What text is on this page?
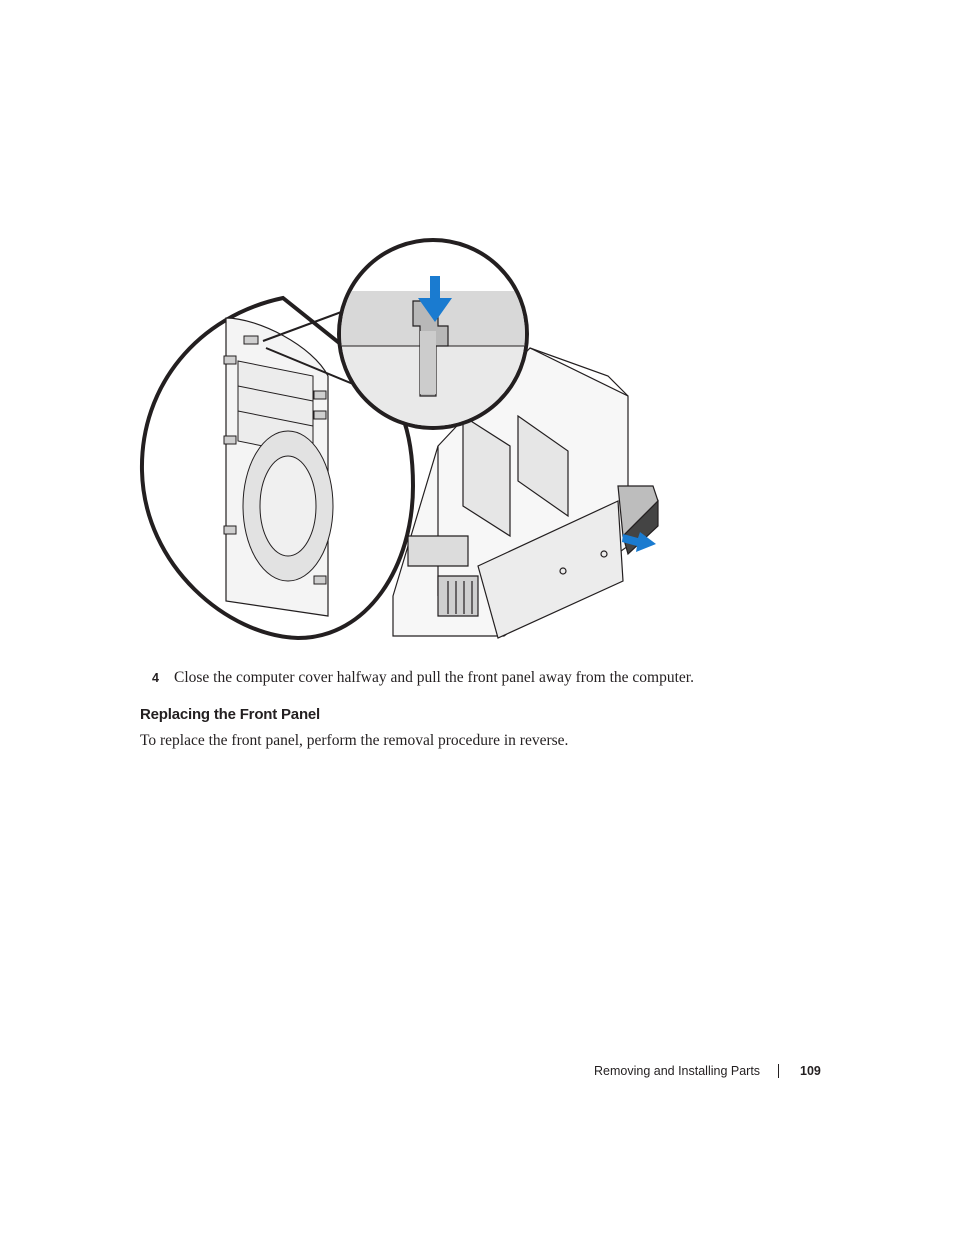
4 Close the computer cover halfway and pull the front panel away from the computer.
Replacing the Front Panel
To replace the front panel, perform the removal procedure in reverse.
Removing and Installing Parts	109
